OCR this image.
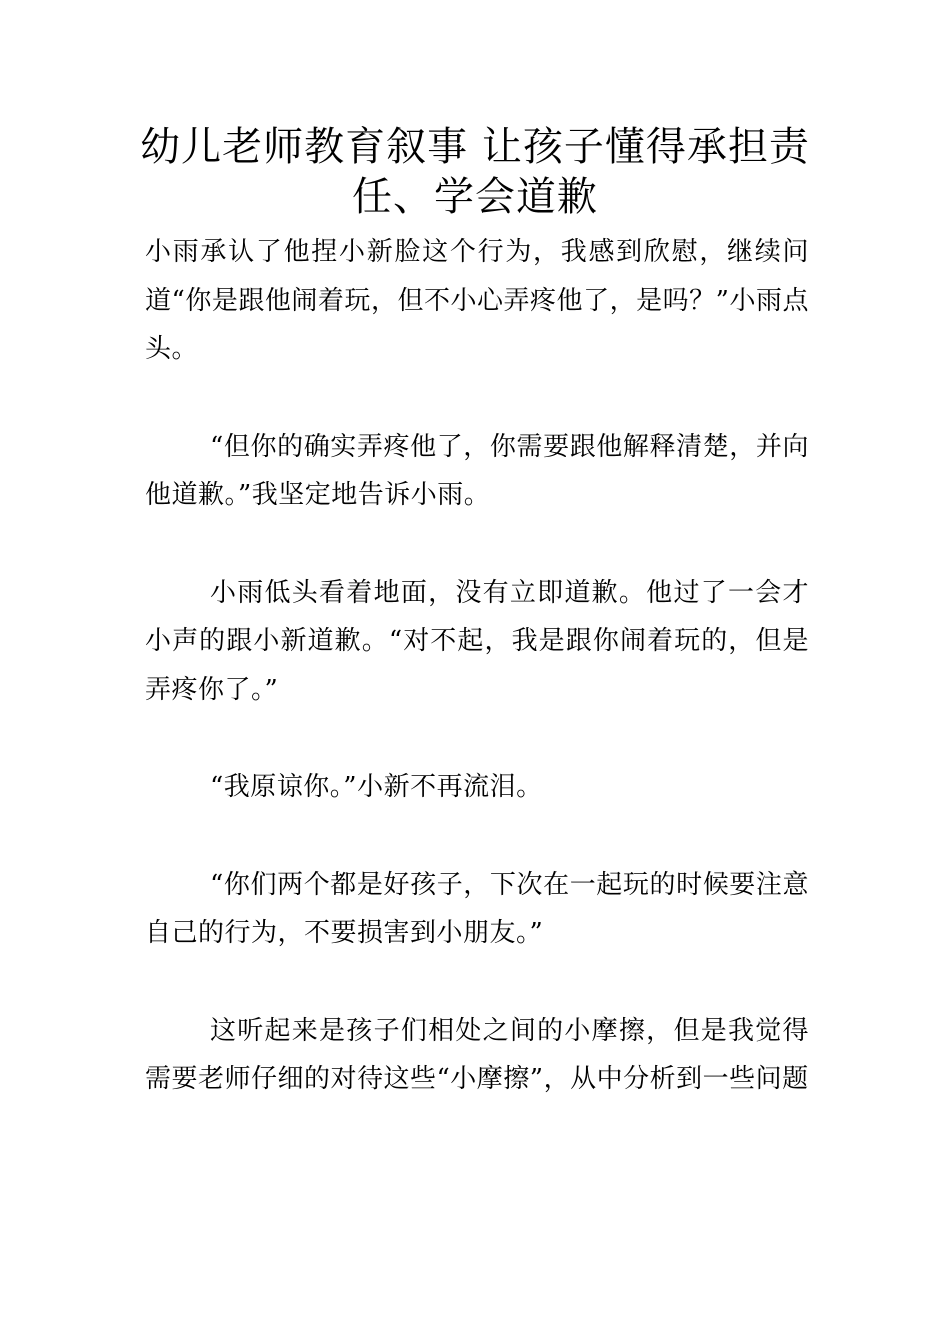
幼儿老师教育叙事 让孩子懂得承担责任、学会道歉

小雨承认了他捏小新脸这个行为，我感到欣慰，继续问道“你是跟他闹着玩，但不小心弄疼他了，是吗？”小雨点头。

“但你的确实弄疼他了，你需要跟他解释清楚，并向他道歉。”我坚定地告诉小雨。

小雨低头看着地面，没有立即道歉。他过了一会才小声的跟小新道歉。“对不起，我是跟你闹着玩的，但是弄疼你了。”

“我原谅你。”小新不再流泪。

“你们两个都是好孩子，下次在一起玩的时候要注意自己的行为，不要损害到小朋友。”

这听起来是孩子们相处之间的小摩擦，但是我觉得需要老师仔细的对待这些“小摩擦”，从中分析到一些问题
